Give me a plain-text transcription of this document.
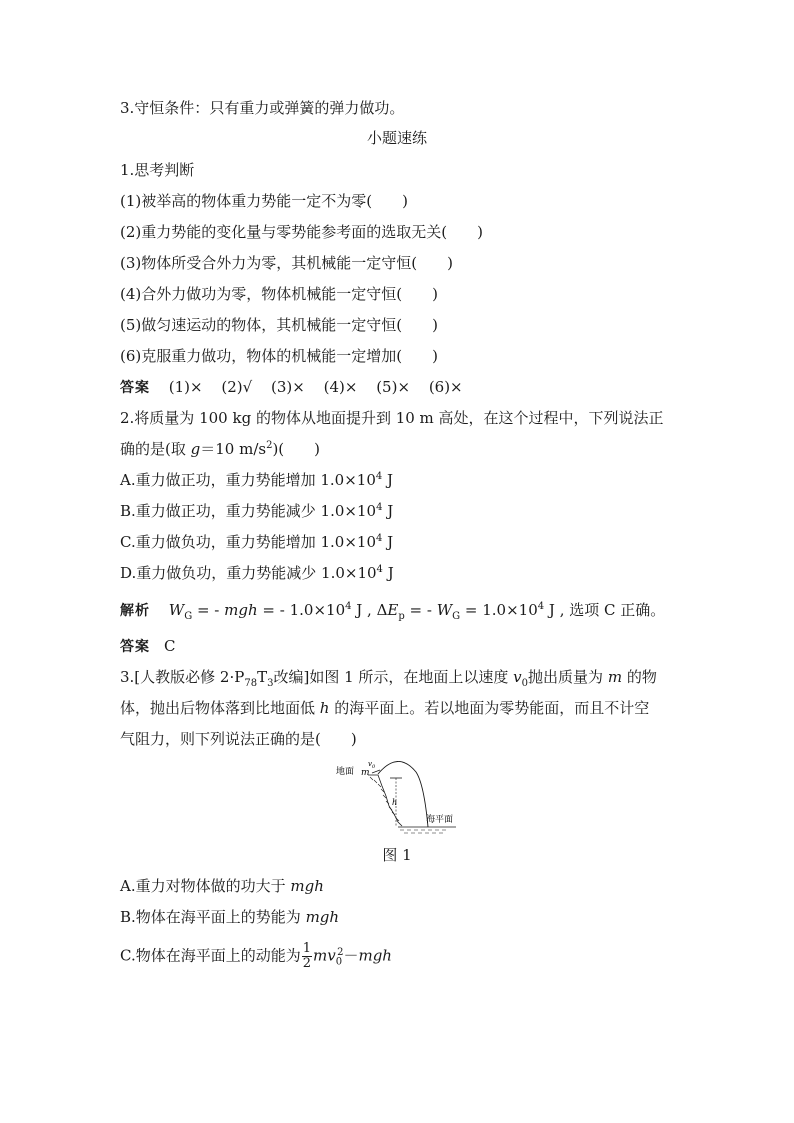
3.守恒条件：只有重力或弹簧的弹力做功。
小题速练
1.思考判断
(1)被举高的物体重力势能一定不为零(　　)
(2)重力势能的变化量与零势能参考面的选取无关(　　)
(3)物体所受合外力为零，其机械能一定守恒(　　)
(4)合外力做功为零，物体机械能一定守恒(　　)
(5)做匀速运动的物体，其机械能一定守恒(　　)
(6)克服重力做功，物体的机械能一定增加(　　)
答案 (1)× (2)√ (3)× (4)× (5)× (6)×
2.将质量为 100 kg 的物体从地面提升到 10 m 高处，在这个过程中，下列说法正
确的是(取 g＝10 $m/s^2$)(　　)
A.重力做正功，重力势能增加 $1.0\times 10^4$ J
B.重力做正功，重力势能减少 $1.0\times 10^4$ J
C.重力做负功，重力势能增加 $1.0\times 10^4$ J
D.重力做负功，重力势能减少 $1.0\times 10^4$ J
解析 $W_G$ = - mgh = - $1.0\times 10^4$ J , $\Delta E_p$ = - $W_G = 1.0\times 10^4$ J , 选项 C 正确。
答案 C
3.[人教版必修 $2\cdot P_{78}T_3$改编]如图 1 所示，在地面上以速度 $v_0$抛出质量为 m 的物
体，抛出后物体落到比地面低 h 的海平面上。若以地面为零势能面，而且不计空
气阻力，则下列说法正确的是(　　)
地面 m
$v_0$
h
海平面
图 1
A.重力对物体做的功大于 mgh
B.物体在海平面上的势能为 mgh
C.物体在海平面上的动能为 $\frac{1}{2} mv_0^2-mgh$
